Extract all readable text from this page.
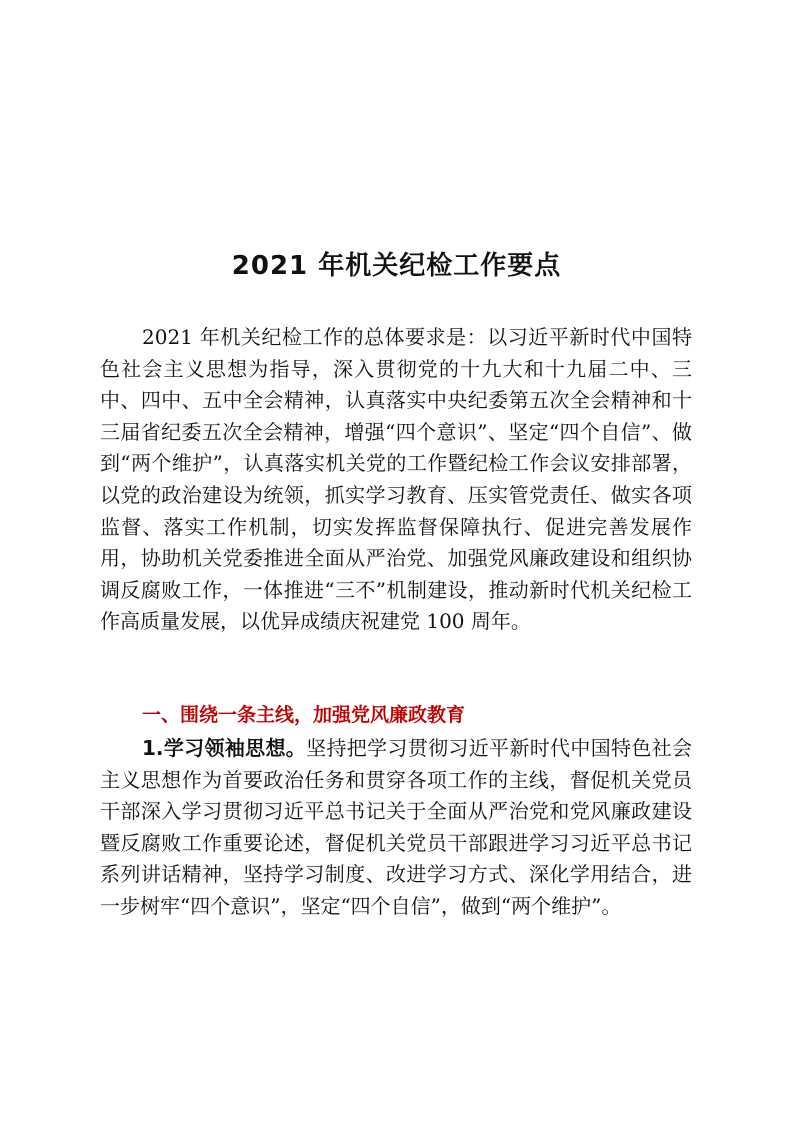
2021 年机关纪检工作要点
2021 年机关纪检工作的总体要求是：以习近平新时代中国特色社会主义思想为指导，深入贯彻党的十九大和十九届二中、三中、四中、五中全会精神，认真落实中央纪委第五次全会精神和十三届省纪委五次全会精神，增强“四个意识”、坚定“四个自信”、做到“两个维护”，认真落实机关党的工作暨纪检工作会议安排部署，以党的政治建设为统领，抓实学习教育、压实管党责任、做实各项监督、落实工作机制，切实发挥监督保障执行、促进完善发展作用，协助机关党委推进全面从严治党、加强党风廉政建设和组织协调反腐败工作，一体推进“三不”机制建设，推动新时代机关纪检工作高质量发展，以优异成绩庆祝建党 100 周年。
一、围绕一条主线，加强党风廉政教育
1.学习领袖思想。坚持把学习贯彻习近平新时代中国特色社会主义思想作为首要政治任务和贯穿各项工作的主线，督促机关党员干部深入学习贯彻习近平总书记关于全面从严治党和党风廉政建设暨反腐败工作重要论述，督促机关党员干部跟进学习习近平总书记系列讲话精神，坚持学习制度、改进学习方式、深化学用结合，进一步树牢“四个意识”，坚定“四个自信”，做到“两个维护”。
